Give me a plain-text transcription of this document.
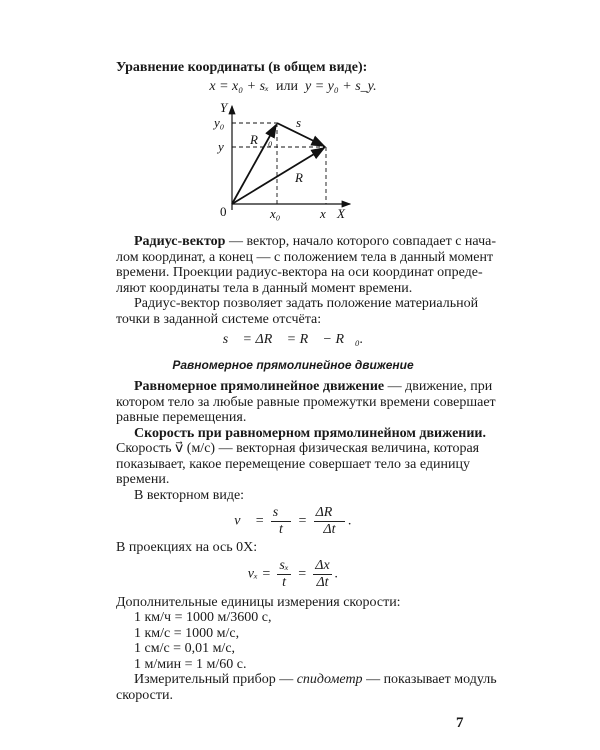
Уравнение координаты (в общем виде):
x = x₀ + sₓ или y = y₀ + s_y.
Y
y₀
y
0	x₀	x X
s⃗
R⃗₀
R⃗
Радиус-вектор — вектор, начало которого совпадает с нача-
лом координат, а конец — с положением тела в данный момент
времени. Проекции радиус-вектора на оси координат опреде-
ляют координаты тела в данный момент времени.
Радиус-вектор позволяет задать положение материальной
точки в заданной системе отсчёта:
s⃗ = ΔR⃗ = R⃗ − R⃗₀.
Равномерное прямолинейное движение
Равномерное прямолинейное движение — движение, при
котором тело за любые равные промежутки времени совершает
равные перемещения.
Скорость при равномерном прямолинейном движении.
Скорость v⃗ (м/с) — векторная физическая величина, которая
показывает, какое перемещение совершает тело за единицу
времени.
В векторном виде:
v⃗ = $\frac{s⃗}{t} = \frac{\Delta R⃗}{\Delta t}$ .
В проекциях на ось 0X:
$v_x = \frac{\text{sₓ}}{t} = \frac{\Delta x}{\Delta t}$ .
Дополнительные единицы измерения скорости:
1 км/ч = 1000 м/3600 с,
1 км/с = 1000 м/с,
1 см/с = 0,01 м/с,
1 м/мин = 1 м/60 с.
Измерительный прибор — спидометр — показывает модуль
скорости.
7
